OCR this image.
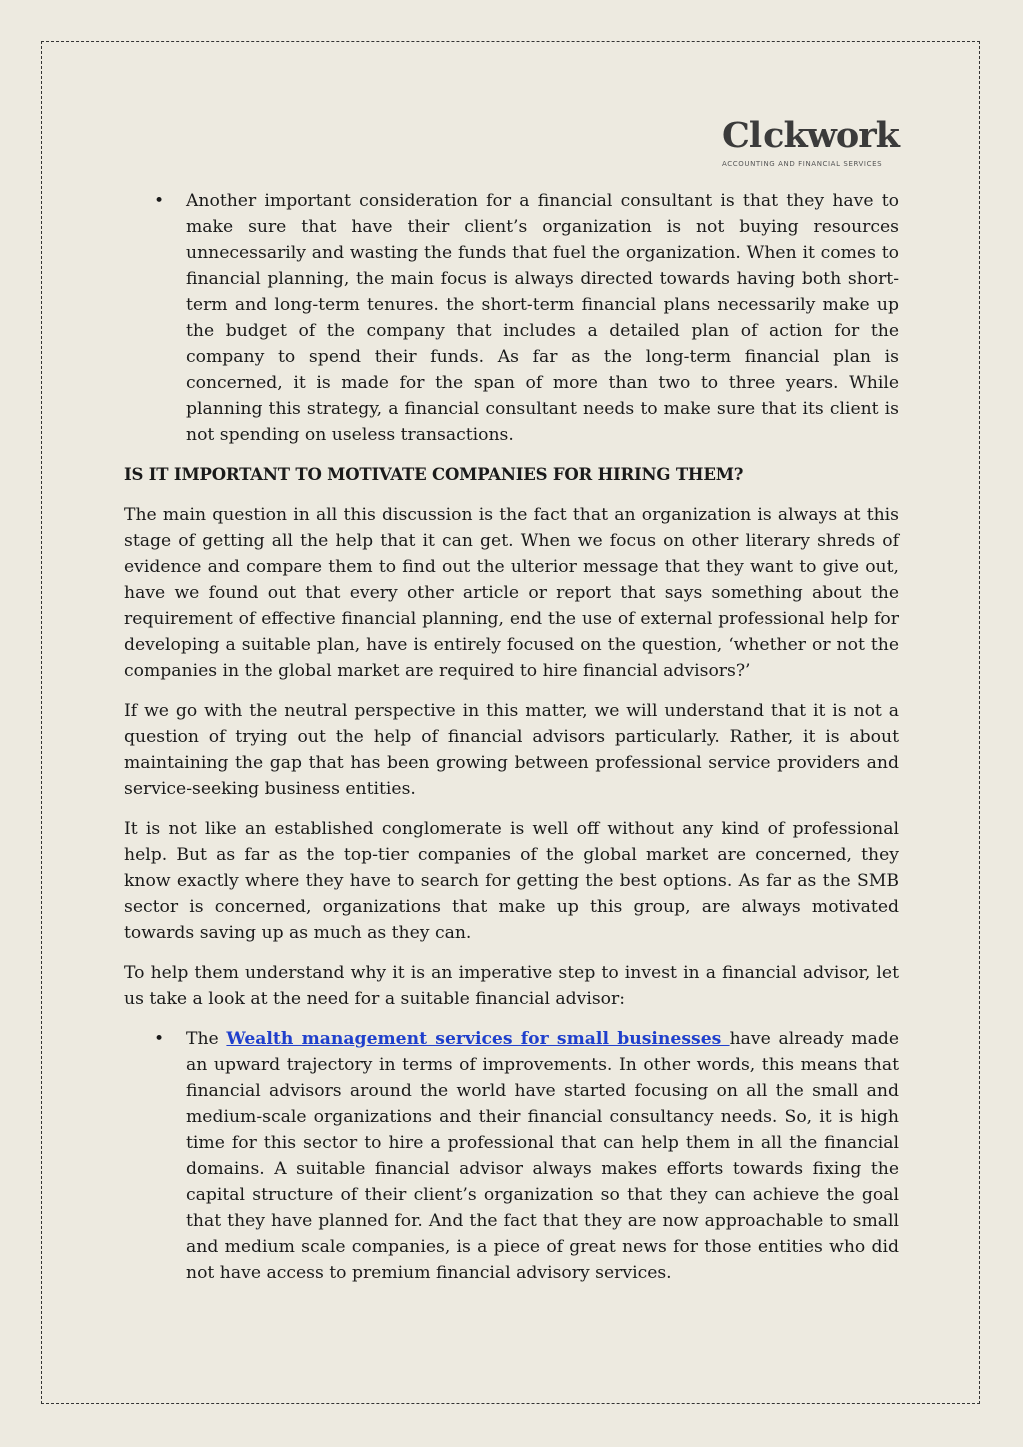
Cl ckwork
ACCOUNTING AND FINANCIAL SERVICES
• Another important consideration for a financial consultant is that they have to make sure that have their client’s organization is not buying resources unnecessarily and wasting the funds that fuel the organization. When it comes to financial planning, the main focus is always directed towards having both short-term and long-term tenures. the short-term financial plans necessarily make up the budget of the company that includes a detailed plan of action for the company to spend their funds. As far as the long-term financial plan is concerned, it is made for the span of more than two to three years. While planning this strategy, a financial consultant needs to make sure that its client is not spending on useless transactions.
IS IT IMPORTANT TO MOTIVATE COMPANIES FOR HIRING THEM?

The main question in all this discussion is the fact that an organization is always at this stage of getting all the help that it can get. When we focus on other literary shreds of evidence and compare them to find out the ulterior message that they want to give out, have we found out that every other article or report that says something about the requirement of effective financial planning, end the use of external professional help for developing a suitable plan, have is entirely focused on the question, ‘whether or not the companies in the global market are required to hire financial advisors?’

If we go with the neutral perspective in this matter, we will understand that it is not a question of trying out the help of financial advisors particularly. Rather, it is about maintaining the gap that has been growing between professional service providers and service-seeking business entities.

It is not like an established conglomerate is well off without any kind of professional help. But as far as the top-tier companies of the global market are concerned, they know exactly where they have to search for getting the best options. As far as the SMB sector is concerned, organizations that make up this group, are always motivated towards saving up as much as they can.

To help them understand why it is an imperative step to invest in a financial advisor, let us take a look at the need for a suitable financial advisor:

• The Wealth management services for small businesses have already made an upward trajectory in terms of improvements. In other words, this means that financial advisors around the world have started focusing on all the small and medium-scale organizations and their financial consultancy needs. So, it is high time for this sector to hire a professional that can help them in all the financial domains. A suitable financial advisor always makes efforts towards fixing the capital structure of their client’s organization so that they can achieve the goal that they have planned for. And the fact that they are now approachable to small and medium scale companies, is a piece of great news for those entities who did not have access to premium financial advisory services.
